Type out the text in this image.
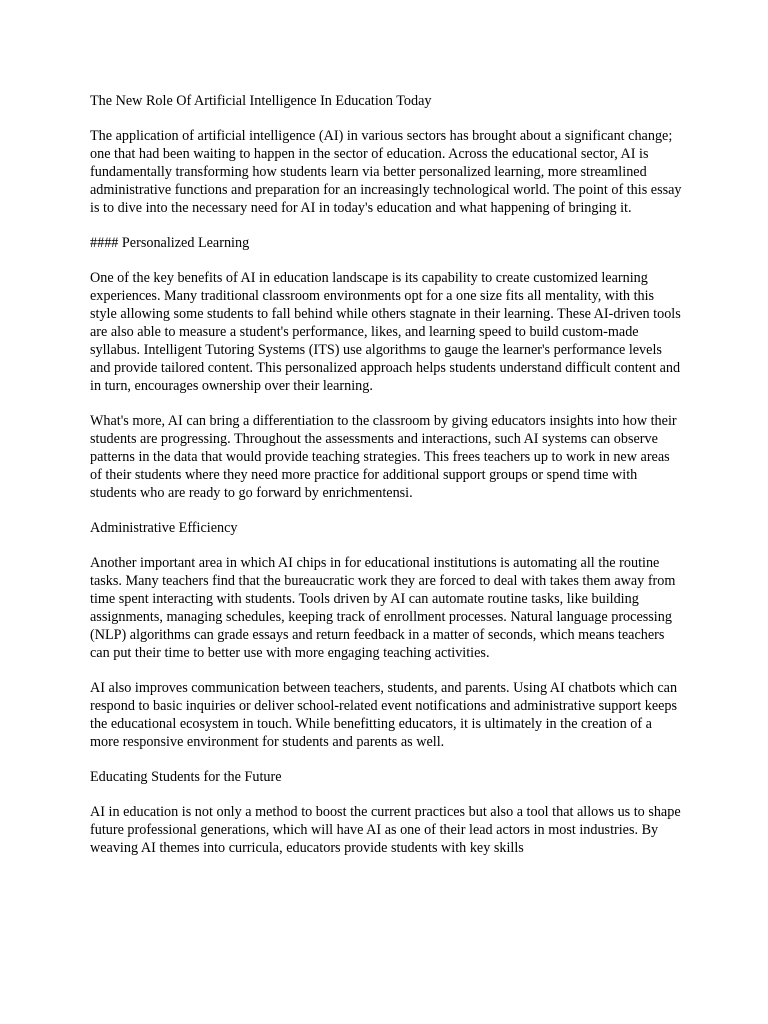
The New Role Of Artificial Intelligence In Education Today

The application of artificial intelligence (AI) in various sectors has brought about a significant change; one that had been waiting to happen in the sector of education. Across the educational sector, AI is fundamentally transforming how students learn via better personalized learning, more streamlined administrative functions and preparation for an increasingly technological world. The point of this essay is to dive into the necessary need for AI in today's education and what happening of bringing it.

#### Personalized Learning

One of the key benefits of AI in education landscape is its capability to create customized learning experiences. Many traditional classroom environments opt for a one size fits all mentality, with this style allowing some students to fall behind while others stagnate in their learning. These AI-driven tools are also able to measure a student's performance, likes, and learning speed to build custom-made syllabus. Intelligent Tutoring Systems (ITS) use algorithms to gauge the learner's performance levels and provide tailored content. This personalized approach helps students understand difficult content and in turn, encourages ownership over their learning.

What's more, AI can bring a differentiation to the classroom by giving educators insights into how their students are progressing. Throughout the assessments and interactions, such AI systems can observe patterns in the data that would provide teaching strategies. This frees teachers up to work in new areas of their students where they need more practice for additional support groups or spend time with students who are ready to go forward by enrichmentensi.

Administrative Efficiency

Another important area in which AI chips in for educational institutions is automating all the routine tasks. Many teachers find that the bureaucratic work they are forced to deal with takes them away from time spent interacting with students. Tools driven by AI can automate routine tasks, like building assignments, managing schedules, keeping track of enrollment processes. Natural language processing (NLP) algorithms can grade essays and return feedback in a matter of seconds, which means teachers can put their time to better use with more engaging teaching activities.

AI also improves communication between teachers, students, and parents. Using AI chatbots which can respond to basic inquiries or deliver school-related event notifications and administrative support keeps the educational ecosystem in touch. While benefitting educators, it is ultimately in the creation of a more responsive environment for students and parents as well.

Educating Students for the Future

AI in education is not only a method to boost the current practices but also a tool that allows us to shape future professional generations, which will have AI as one of their lead actors in most industries. By weaving AI themes into curricula, educators provide students with key skills
